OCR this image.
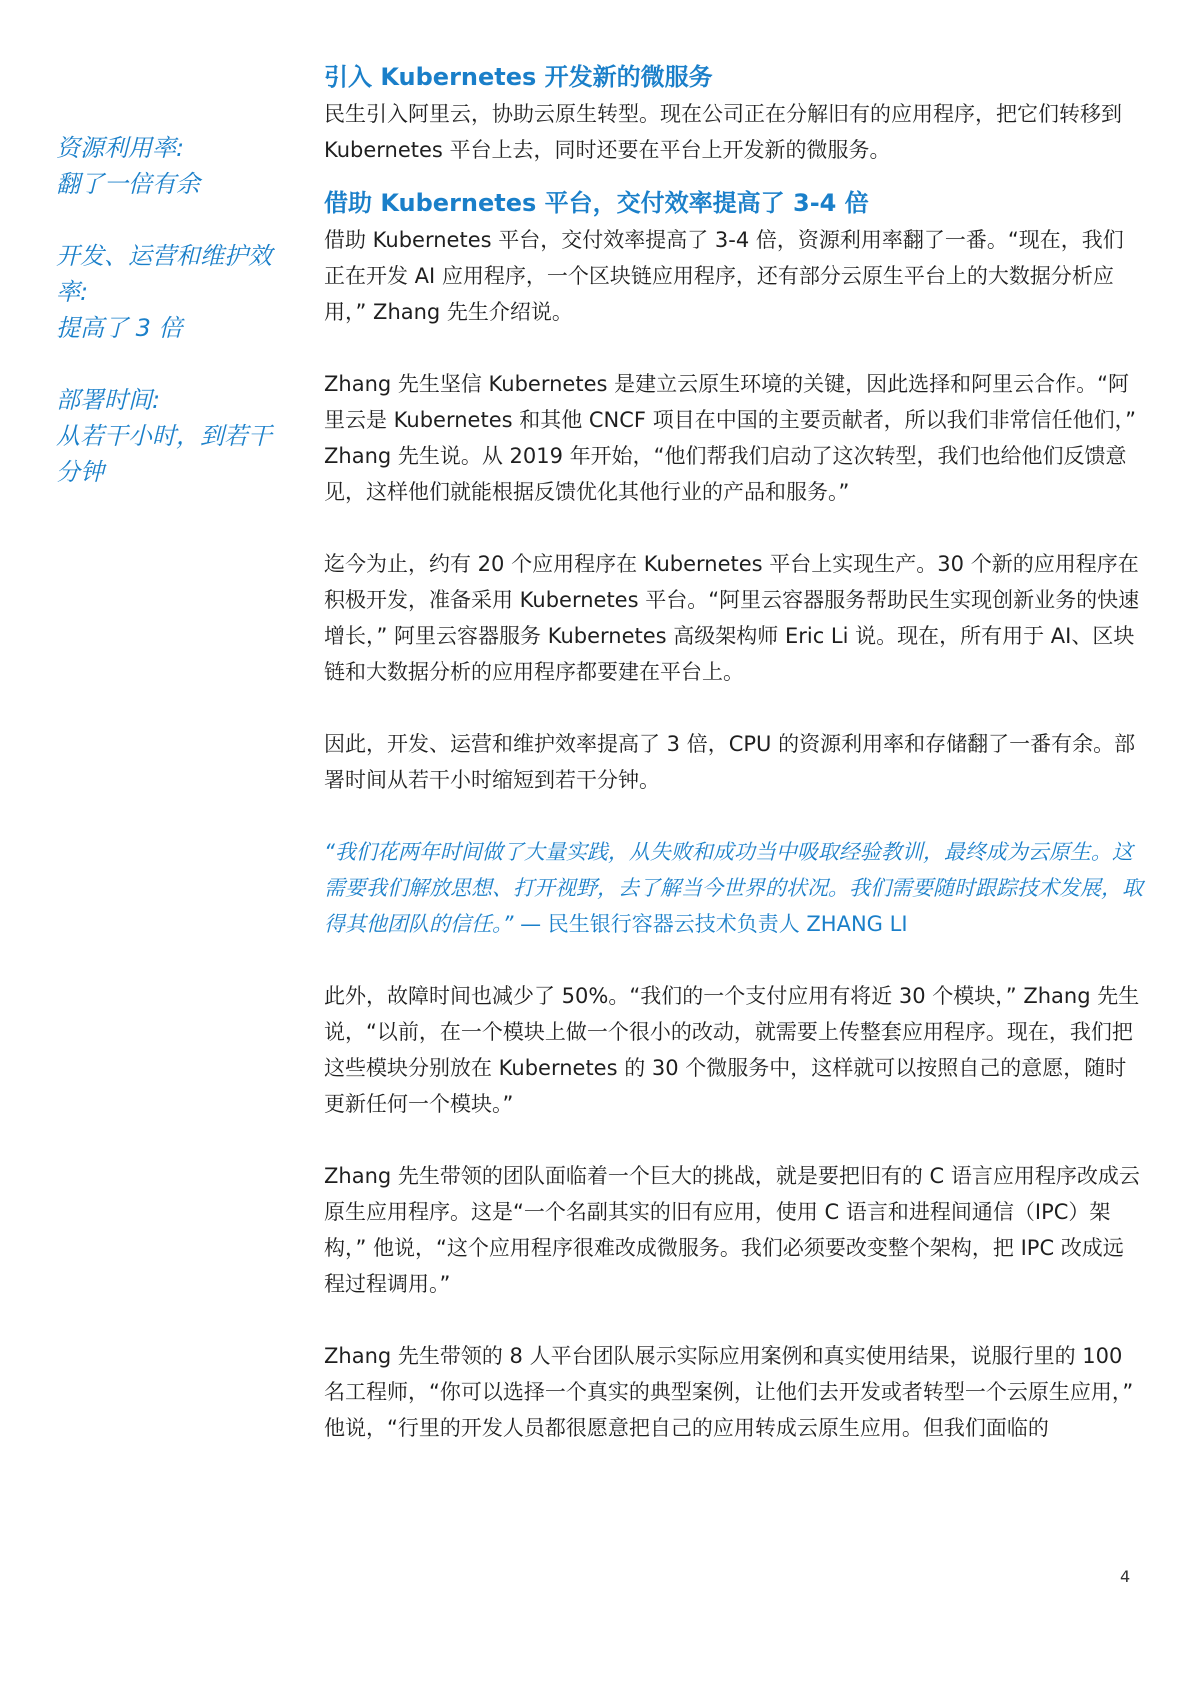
资源利用率:
翻了一倍有余
开发、运营和维护效
率:
提高了 3 倍
部署时间:
从若干小时，到若干
分钟
引入 Kubernetes 开发新的微服务

民生引入阿里云，协助云原生转型。现在公司正在分解旧有的应用程序，把它们转移到 Kubernetes 平台上去，同时还要在平台上开发新的微服务。

借助 Kubernetes 平台，交付效率提高了 3-4 倍

借助 Kubernetes 平台，交付效率提高了 3-4 倍，资源利用率翻了一番。“现在，我们正在开发 AI 应用程序，一个区块链应用程序，还有部分云原生平台上的大数据分析应用，” Zhang 先生介绍说。

Zhang 先生坚信 Kubernetes 是建立云原生环境的关键，因此选择和阿里云合作。“阿里云是 Kubernetes 和其他 CNCF 项目在中国的主要贡献者，所以我们非常信任他们，” Zhang 先生说。从 2019 年开始，“他们帮我们启动了这次转型，我们也给他们反馈意见，这样他们就能根据反馈优化其他行业的产品和服务。”

迄今为止，约有 20 个应用程序在 Kubernetes 平台上实现生产。30 个新的应用程序在积极开发，准备采用 Kubernetes 平台。“阿里云容器服务帮助民生实现创新业务的快速增长，” 阿里云容器服务 Kubernetes 高级架构师 Eric Li 说。现在，所有用于 AI、区块链和大数据分析的应用程序都要建在平台上。

因此，开发、运营和维护效率提高了 3 倍，CPU 的资源利用率和存储翻了一番有余。部署时间从若干小时缩短到若干分钟。

“我们花两年时间做了大量实践，从失败和成功当中吸取经验教训，最终成为云原生。这需要我们解放思想、打开视野，去了解当今世界的状况。我们需要随时跟踪技术发展，取得其他团队的信任。” — 民生银行容器云技术负责人 ZHANG LI

此外，故障时间也减少了 50%。“我们的一个支付应用有将近 30 个模块，” Zhang 先生说，“以前，在一个模块上做一个很小的改动，就需要上传整套应用程序。现在，我们把这些模块分别放在 Kubernetes 的 30 个微服务中，这样就可以按照自己的意愿，随时更新任何一个模块。”

Zhang 先生带领的团队面临着一个巨大的挑战，就是要把旧有的 C 语言应用程序改成云原生应用程序。这是“一个名副其实的旧有应用，使用 C 语言和进程间通信（IPC）架构，” 他说，“这个应用程序很难改成微服务。我们必须要改变整个架构，把 IPC 改成远程过程调用。”

Zhang 先生带领的 8 人平台团队展示实际应用案例和真实使用结果，说服行里的 100 名工程师，“你可以选择一个真实的典型案例，让他们去开发或者转型一个云原生应用，” 他说，“行里的开发人员都很愿意把自己的应用转成云原生应用。但我们面临的

4
